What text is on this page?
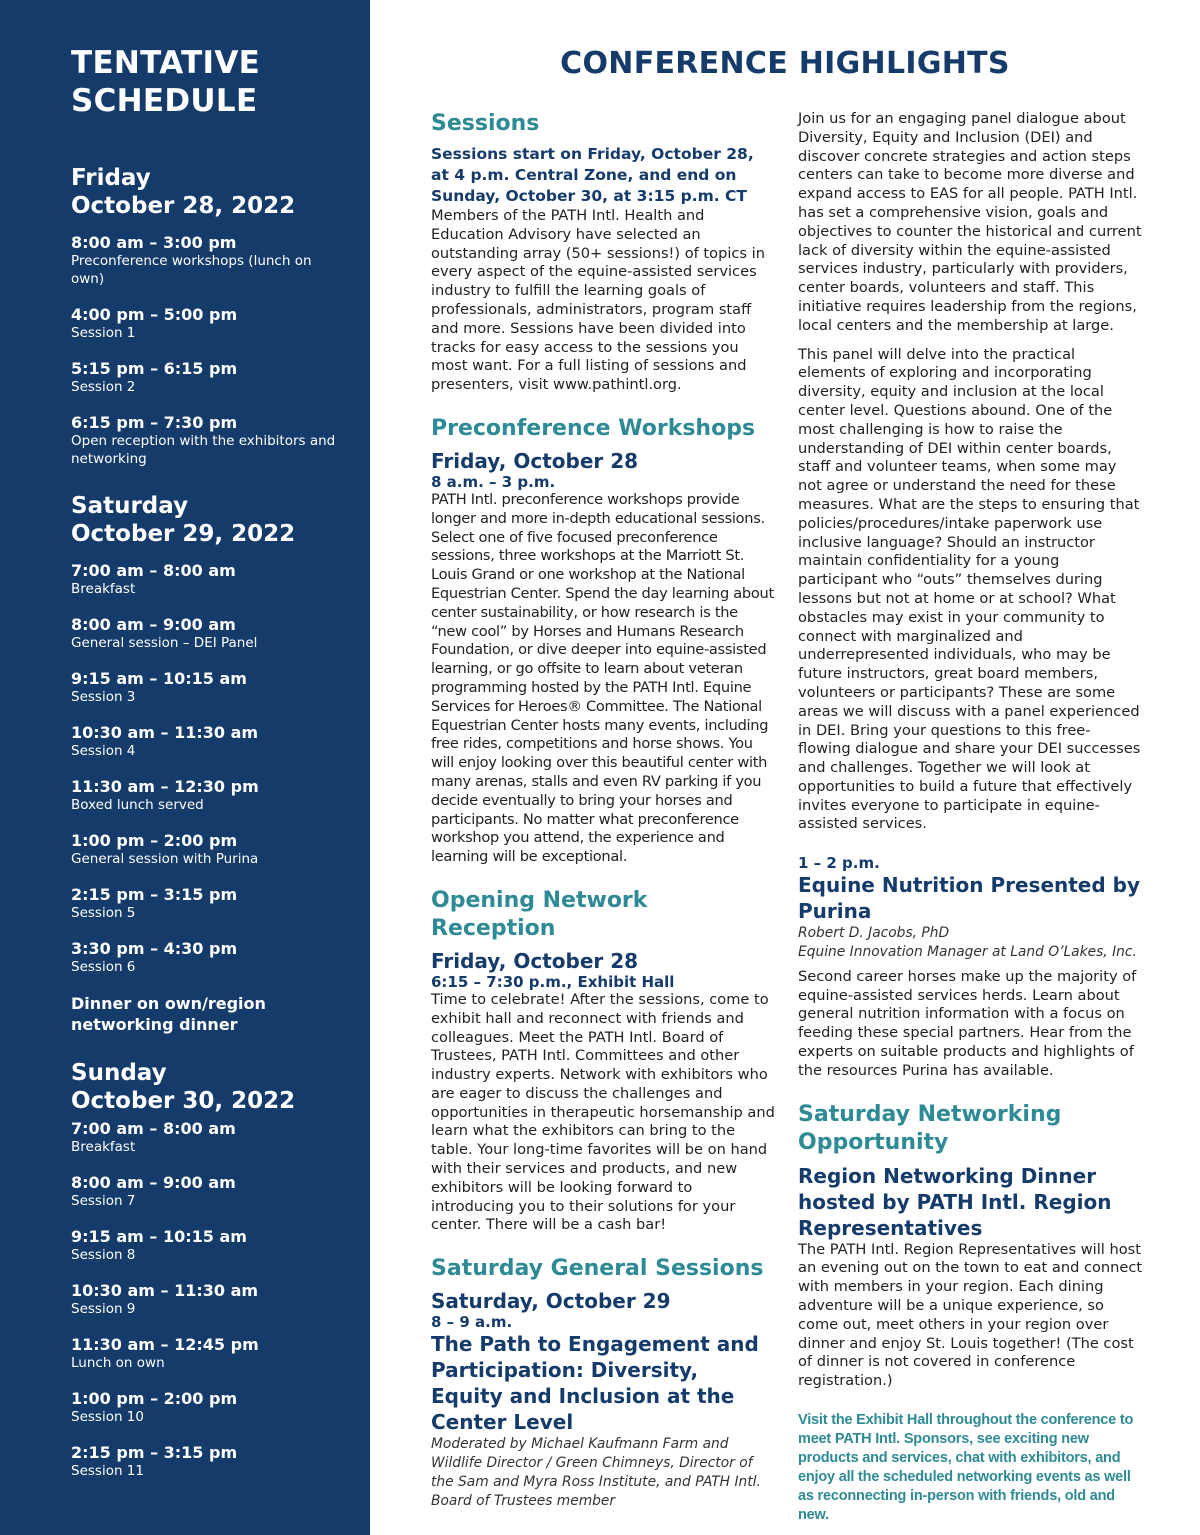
TENTATIVE SCHEDULE
Friday
October 28, 2022
8:00 am – 3:00 pm
Preconference workshops (lunch on own)
4:00 pm – 5:00 pm
Session 1
5:15 pm – 6:15 pm
Session 2
6:15 pm – 7:30 pm
Open reception with the exhibitors and networking
Saturday
October 29, 2022
7:00 am – 8:00 am
Breakfast
8:00 am – 9:00 am
General session – DEI Panel
9:15 am – 10:15 am
Session 3
10:30 am – 11:30 am
Session 4
11:30 am – 12:30 pm
Boxed lunch served
1:00 pm – 2:00 pm
General session with Purina
2:15 pm – 3:15 pm
Session 5
3:30 pm – 4:30 pm
Session 6
Dinner on own/region networking dinner
Sunday
October 30, 2022
7:00 am – 8:00 am
Breakfast
8:00 am – 9:00 am
Session 7
9:15 am – 10:15 am
Session 8
10:30 am – 11:30 am
Session 9
11:30 am – 12:45 pm
Lunch on own
1:00 pm – 2:00 pm
Session 10
2:15 pm – 3:15 pm
Session 11
CONFERENCE HIGHLIGHTS
Sessions
Sessions start on Friday, October 28, at 4 p.m. Central Zone, and end on Sunday, October 30, at 3:15 p.m. CT
Members of the PATH Intl. Health and Education Advisory have selected an outstanding array (50+ sessions!) of topics in every aspect of the equine-assisted services industry to fulfill the learning goals of professionals, administrators, program staff and more. Sessions have been divided into tracks for easy access to the sessions you most want. For a full listing of sessions and presenters, visit www.pathintl.org.
Preconference Workshops
Friday, October 28
8 a.m. – 3 p.m.
PATH Intl. preconference workshops provide longer and more in-depth educational sessions. Select one of five focused preconference sessions, three workshops at the Marriott St. Louis Grand or one workshop at the National Equestrian Center. Spend the day learning about center sustainability, or how research is the “new cool” by Horses and Humans Research Foundation, or dive deeper into equine-assisted learning, or go offsite to learn about veteran programming hosted by the PATH Intl. Equine Services for Heroes® Committee. The National Equestrian Center hosts many events, including free rides, competitions and horse shows. You will enjoy looking over this beautiful center with many arenas, stalls and even RV parking if you decide eventually to bring your horses and participants. No matter what preconference workshop you attend, the experience and learning will be exceptional.
Opening Network Reception
Friday, October 28
6:15 – 7:30 p.m., Exhibit Hall
Time to celebrate! After the sessions, come to exhibit hall and reconnect with friends and colleagues. Meet the PATH Intl. Board of Trustees, PATH Intl. Committees and other industry experts. Network with exhibitors who are eager to discuss the challenges and opportunities in therapeutic horsemanship and learn what the exhibitors can bring to the table. Your long-time favorites will be on hand with their services and products, and new exhibitors will be looking forward to introducing you to their solutions for your center. There will be a cash bar!
Saturday General Sessions
Saturday, October 29
8 – 9 a.m.
The Path to Engagement and Participation: Diversity, Equity and Inclusion at the Center Level
Moderated by Michael Kaufmann Farm and Wildlife Director / Green Chimneys, Director of the Sam and Myra Ross Institute, and PATH Intl. Board of Trustees member
Join us for an engaging panel dialogue about Diversity, Equity and Inclusion (DEI) and discover concrete strategies and action steps centers can take to become more diverse and expand access to EAS for all people. PATH Intl. has set a comprehensive vision, goals and objectives to counter the historical and current lack of diversity within the equine-assisted services industry, particularly with providers, center boards, volunteers and staff. This initiative requires leadership from the regions, local centers and the membership at large.
This panel will delve into the practical elements of exploring and incorporating diversity, equity and inclusion at the local center level. Questions abound. One of the most challenging is how to raise the understanding of DEI within center boards, staff and volunteer teams, when some may not agree or understand the need for these measures. What are the steps to ensuring that policies/procedures/intake paperwork use inclusive language? Should an instructor maintain confidentiality for a young participant who “outs” themselves during lessons but not at home or at school? What obstacles may exist in your community to connect with marginalized and underrepresented individuals, who may be future instructors, great board members, volunteers or participants? These are some areas we will discuss with a panel experienced in DEI. Bring your questions to this free-flowing dialogue and share your DEI successes and challenges. Together we will look at opportunities to build a future that effectively invites everyone to participate in equine-assisted services.
1 – 2 p.m.
Equine Nutrition Presented by Purina
Robert D. Jacobs, PhD
Equine Innovation Manager at Land O’Lakes, Inc.
Second career horses make up the majority of equine-assisted services herds. Learn about general nutrition information with a focus on feeding these special partners. Hear from the experts on suitable products and highlights of the resources Purina has available.
Saturday Networking Opportunity
Region Networking Dinner hosted by PATH Intl. Region Representatives
The PATH Intl. Region Representatives will host an evening out on the town to eat and connect with members in your region. Each dining adventure will be a unique experience, so come out, meet others in your region over dinner and enjoy St. Louis together! (The cost of dinner is not covered in conference registration.)
Visit the Exhibit Hall throughout the conference to meet PATH Intl. Sponsors, see exciting new products and services, chat with exhibitors, and enjoy all the scheduled networking events as well as reconnecting in-person with friends, old and new.
